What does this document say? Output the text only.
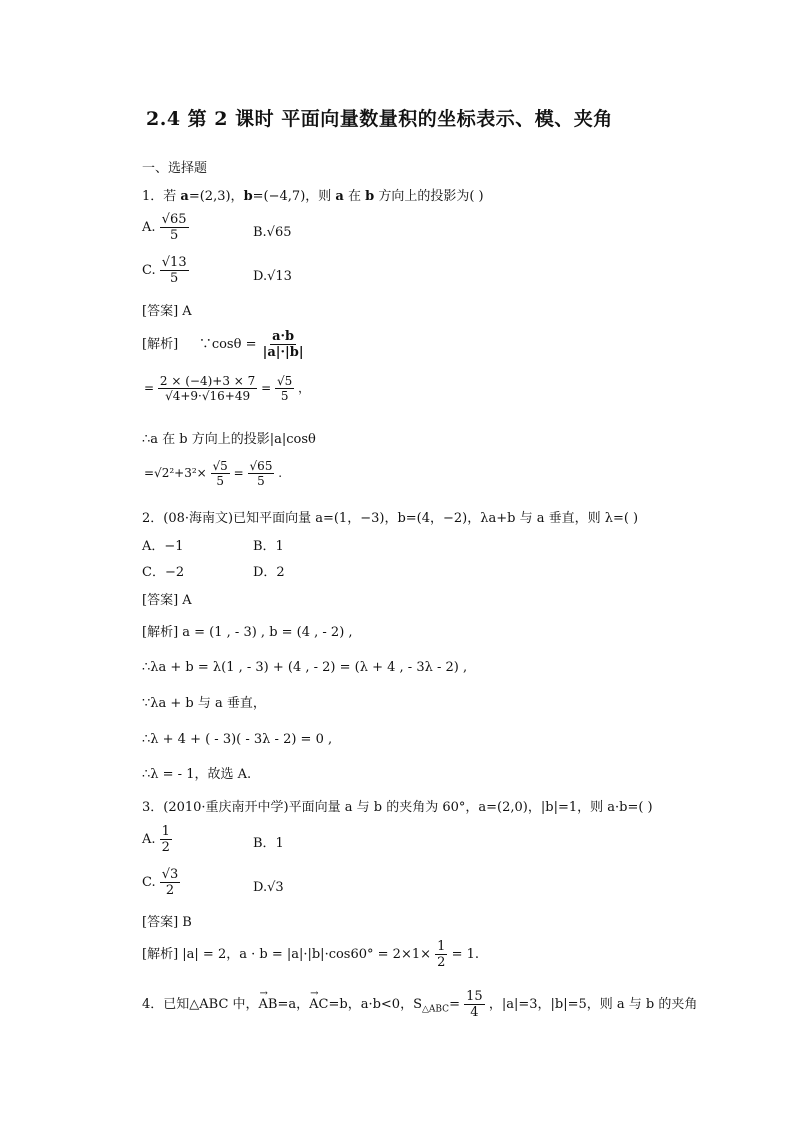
2.4 第 2 课时 平面向量数量积的坐标表示、模、夹角
一、选择题
1．若 a=(2,3)，b=(−4,7)，则 a 在 b 方向上的投影为( )
A. $\frac{√65}{5}$	B.√65
C. $\frac{√13}{5}$	D.√13
[答案] A
[解析] ∵cosθ = $\frac{a\cdot b}{|a|\cdot|b|}$
= $\frac{2 \times (-4)+3 \times 7}{√4+9\cdot√16+49} = \frac{√5}{5}$ ，
∴a 在 b 方向上的投影|a|cosθ
$=√2^2+3^2\times \frac{√5}{5} = \frac{√65}{5}$ .
2．(08·海南文)已知平面向量 a=(1，−3)，b=(4，−2)，λa+b 与 a 垂直，则 λ=( )
A．−1	B．1
C．−2	D．2
[答案] A
[解析] a = (1 , - 3) , b = (4 , - 2) ,
∴λa + b = λ(1 , - 3) + (4 , - 2) = (λ + 4 , - 3λ - 2) ,
∵λa + b 与 a 垂直，
∴λ + 4 + ( - 3)( - 3λ - 2) = 0 ,
∴λ = - 1，故选 A.
3．(2010·重庆南开中学)平面向量 a 与 b 的夹角为 60°，a=(2,0)，|b|=1，则 a·b=( )
A. $\frac{1}{2}$	B．1
C. $\frac{√3}{2}$	D.√3
[答案] B
[解析] |a| = 2，$a \cdot b = |a|\cdot|b|\cdot\cos 60^\circ = 2\times 1\times \frac{1}{2} = 1$.
4．已知△ABC 中，→ AB=a，→ AC=b，a·b<0，$S_{\triangle ABC}= \frac{15}{4}$ ，|a|=3，|b|=5，则 a 与 b 的夹角
